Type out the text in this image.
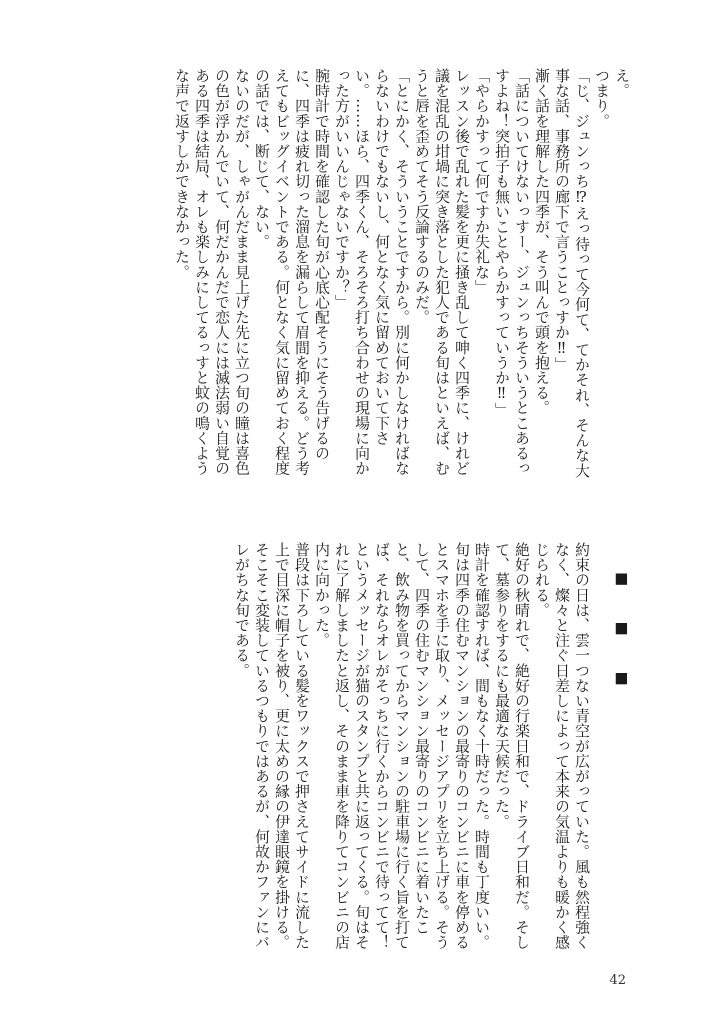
え。

つまり。

「じ、ジュンっち⁉えっ待って今何て、てかそれ、そんな大事な話、事務所の廊下で言うことっすか‼」

漸く話を理解した四季が、そう叫んで頭を抱える。

「話についてけないっすー、ジュンっちそういうとこあるっすよね！突拍子も無いことやらかすっていうか‼」

「やらかすって何ですか失礼な」

レッスン後で乱れた髪を更に掻き乱して呻く四季に、けれど議を混乱の坩堝に突き落とした犯人である旬はといえば、むうと唇を歪めてそう反論するのみだ。

「とにかく、そういうことですから。別に何かしなければならないわけでもないし、何となく気に留めておいて下さい。……ほら、四季くん、そろそろ打ち合わせの現場に向かった方がいいんじゃないですか？」

腕時計で時間を確認した旬が心底心配そうにそう告げるのに、四季は疲れ切った溜息を漏らして眉間を抑える。どう考えてもビッグイベントである。何となく気に留めておく程度の話では、断じて、ない。

ないのだが、しゃがんだまま見上げた先に立つ旬の瞳は喜色の色が浮かんでいて、何だかんだで恋人には滅法弱い自覚のある四季は結局、オレも楽しみにしてるっすと蚊の鳴くような声で返すしかできなかった。

■ ■ ■

約束の日は、雲一つない青空が広がっていた。風も然程強くなく、燦々と注ぐ日差しによって本来の気温よりも暖かく感じられる。

絶好の秋晴れで、絶好の行楽日和で、ドライブ日和だ。そして、墓参りをするにも最適な天候だった。

時計を確認すれば、間もなく十時だった。時間も丁度いい。

旬は四季の住むマンションの最寄りのコンビニに車を停めるとスマホを手に取り、メッセージアプリを立ち上げる。そうして、四季の住むマンション最寄りのコンビニに着いたこと、飲み物を買ってからマンションの駐車場に行く旨を打てば、それならオレがそっちに行くからコンビニで待ってて！というメッセージが猫のスタンプと共に返ってくる。旬はそれに了解しましたと返し、そのまま車を降りてコンビニの店内に向かった。

普段は下ろしている髪をワックスで押さえてサイドに流した上で目深に帽子を被り、更に太めの縁の伊達眼鏡を掛ける。

そこそこ変装しているつもりではあるが、何故かファンにバレがちな旬である。

42
